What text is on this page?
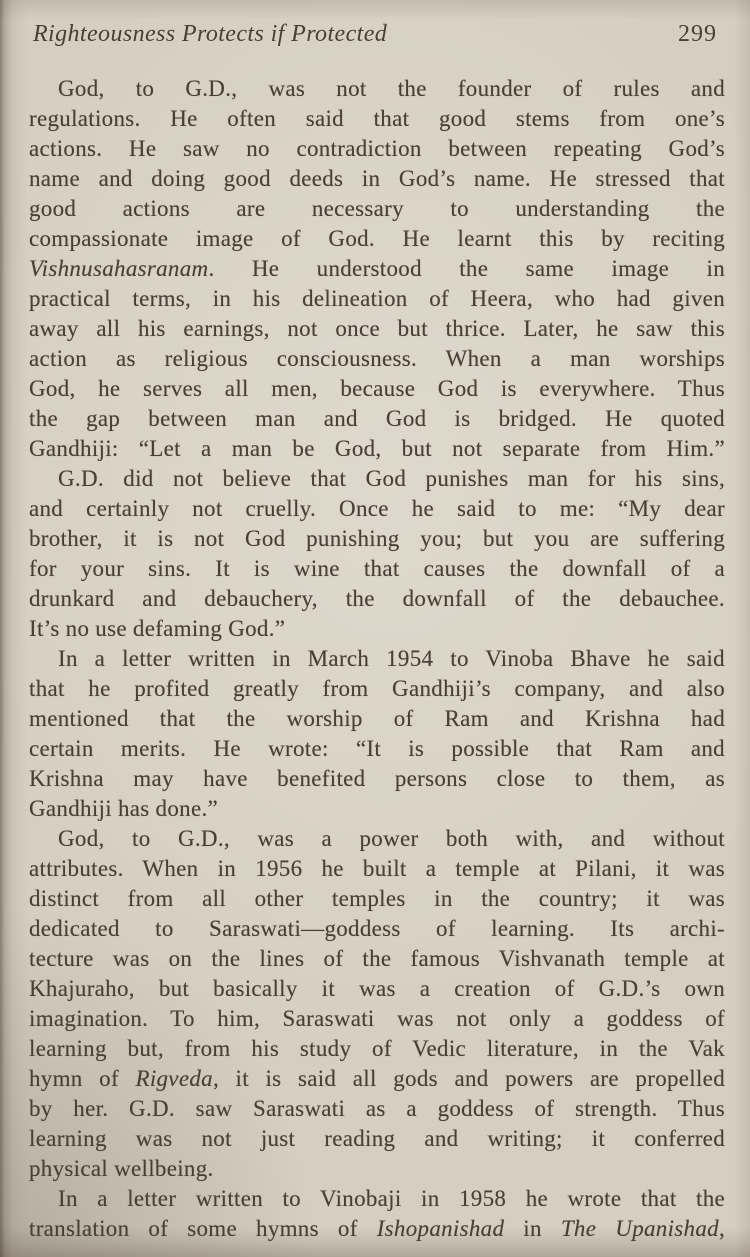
Righteousness Protects if Protected	299
God, to G.D., was not the founder of rules and
regulations. He often said that good stems from one’s
actions. He saw no contradiction between repeating God’s
name and doing good deeds in God’s name. He stressed that
good actions are necessary to understanding the
compassionate image of God. He learnt this by reciting
Vishnusahasranam. He understood the same image in
practical terms, in his delineation of Heera, who had given
away all his earnings, not once but thrice. Later, he saw this
action as religious consciousness. When a man worships
God, he serves all men, because God is everywhere. Thus
the gap between man and God is bridged. He quoted
Gandhiji: “Let a man be God, but not separate from Him.”
G.D. did not believe that God punishes man for his sins,
and certainly not cruelly. Once he said to me: “My dear
brother, it is not God punishing you; but you are suffering
for your sins. It is wine that causes the downfall of a
drunkard and debauchery, the downfall of the debauchee.
It’s no use defaming God.”
In a letter written in March 1954 to Vinoba Bhave he said
that he profited greatly from Gandhiji’s company, and also
mentioned that the worship of Ram and Krishna had
certain merits. He wrote: “It is possible that Ram and
Krishna may have benefited persons close to them, as
Gandhiji has done.”
God, to G.D., was a power both with, and without
attributes. When in 1956 he built a temple at Pilani, it was
distinct from all other temples in the country; it was
dedicated to Saraswati—goddess of learning. Its archi-
tecture was on the lines of the famous Vishvanath temple at
Khajuraho, but basically it was a creation of G.D.’s own
imagination. To him, Saraswati was not only a goddess of
learning but, from his study of Vedic literature, in the Vak
hymn of Rigveda, it is said all gods and powers are propelled
by her. G.D. saw Saraswati as a goddess of strength. Thus
learning was not just reading and writing; it conferred
physical wellbeing.
In a letter written to Vinobaji in 1958 he wrote that the
translation of some hymns of Ishopanishad in The Upanishad,
